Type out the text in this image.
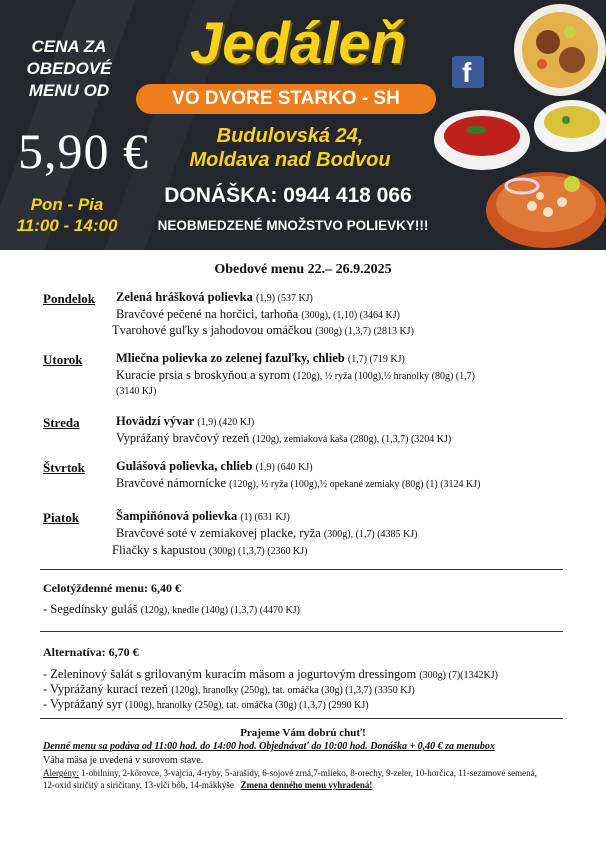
CENA ZA
OBEDOVÉ
MENU OD
5,90 €
Pon - Pia
11:00 - 14:00
Jedáleň
VO DVORE STARKO - SH
f
Budulovská 24,
Moldava nad Bodvou
DONÁŠKA: 0944 418 066
NEOBMEDZENÉ MNOŽSTVO POLIEVKY!!!
Obedové menu 22.– 26.9.2025
Pondelok Zelená hrášková polievka (1,9) (537 KJ)
Bravčové pečené na horčici, tarhoňa (300g), (1,10) (3464 KJ)
Tvarohové guľky s jahodovou omáčkou (300g) (1,3,7) (2813 KJ)
Utorok	Mliečna polievka zo zelenej fazuľky, chlieb (1,7) (719 KJ)
Kuracie prsia s broskyňou a syrom (120g), ½ ryža (100g),½ hranolky (80g) (1,7)
(3140 KJ)
Streda	Hovädzí vývar (1,9) (420 KJ)
Vyprážaný bravčový rezeň (120g), zemiaková kaša (280g), (1,3,7) (3204 KJ)
Štvrtok Gulášová polievka, chlieb (1,9) (640 KJ)
Bravčové námornícke (120g), ½ ryža (100g),½ opekané zemiaky (80g) (1) (3124 KJ)
Piatok	Šampiňónová polievka (1) (631 KJ)
Bravčové soté v zemiakovej placke, ryža (300g), (1,7) (4385 KJ)
Fliačky s kapustou (300g) (1,3,7) (2360 KJ)
Celotýždenné menu: 6,40 €
- Segedínsky guláš (120g), knedle (140g) (1,3,7) (4470 KJ)
Alternatíva: 6,70 €
- Zeleninový šalát s grilovaným kuracím mäsom a jogurtovým dressingom (300g) (7)(1342KJ)
- Vyprážaný kurací rezeň (120g), hranolky (250g), tat. omáčka (30g) (1,3,7) (3350 KJ)
- Vyprážaný syr (100g), hranolky (250g), tat. omáčka (30g) (1,3,7) (2990 KJ)
Prajeme Vám dobrú chuť!
Denné menu sa podáva od 11:00 hod. do 14:00 hod. Objednávať do 10:00 hod. Donáška + 0,40 € za menubox
Váha mäsa je uvedená v surovom stave.
Alergény: 1-obilniny, 2-kôrovce, 3-vajcia, 4-ryby, 5-arašidy, 6-sojové zrná,7-mlieko, 8-orechy, 9-zeler, 10-horčica, 11-sezamové semená,
12-oxid siričitý a siričitany, 13-vlčí bôb, 14-mäkkýše Zmena denného menu vyhradená!
